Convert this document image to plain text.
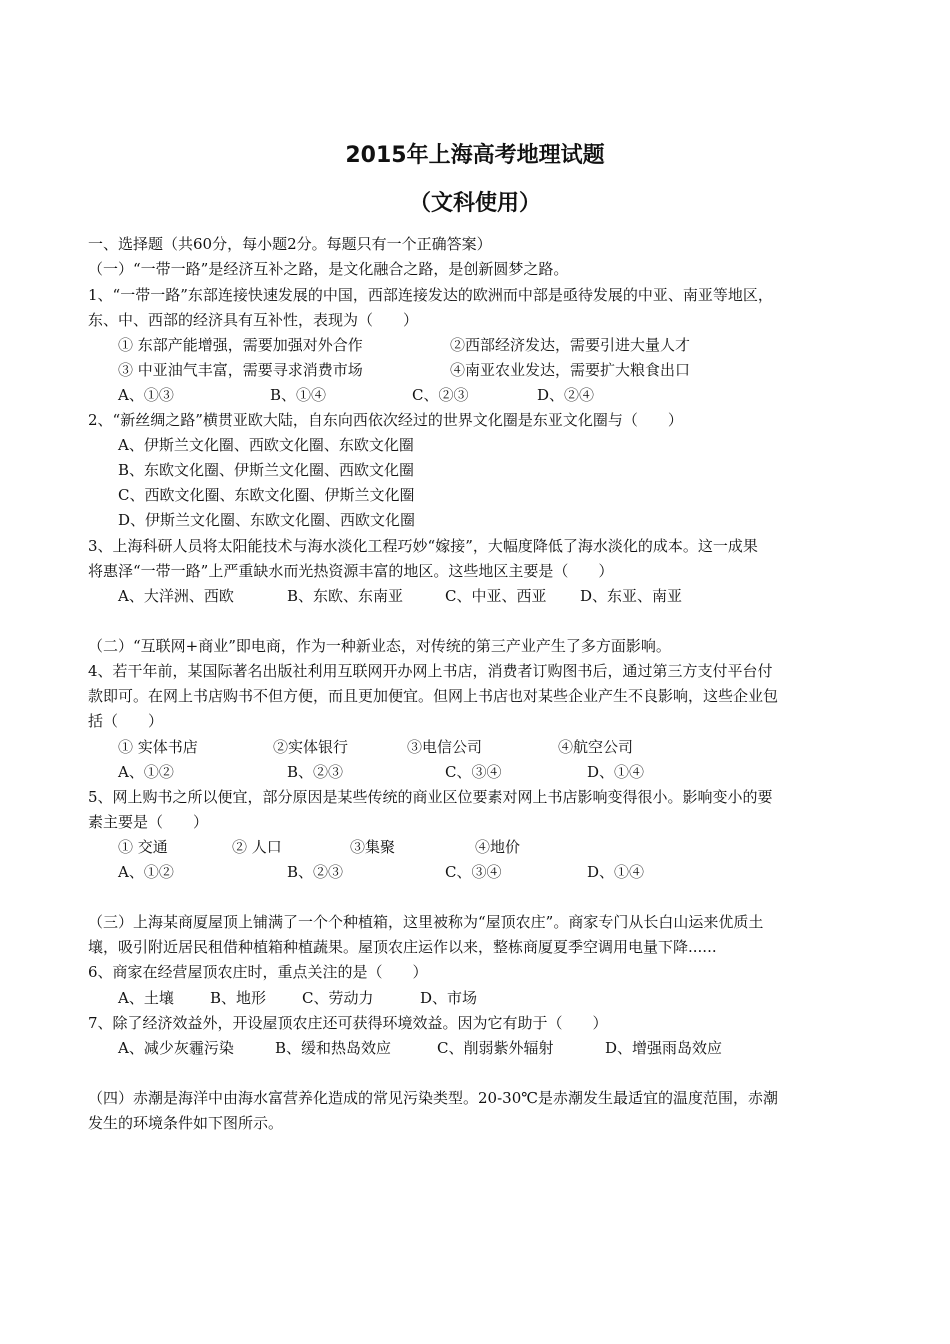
2015年上海高考地理试题
（文科使用）
一、选择题（共60分，每小题2分。每题只有一个正确答案）
（一）“一带一路”是经济互补之路，是文化融合之路，是创新圆梦之路。
1、“一带一路”东部连接快速发展的中国，西部连接发达的欧洲而中部是亟待发展的中亚、南亚等地区，
东、中、西部的经济具有互补性，表现为（　　）
① 东部产能增强，需要加强对外合作	②西部经济发达，需要引进大量人才
③ 中亚油气丰富，需要寻求消费市场	④南亚农业发达，需要扩大粮食出口
A、①③	B、①④	C、②③	D、②④
2、“新丝绸之路”横贯亚欧大陆，自东向西依次经过的世界文化圈是东亚文化圈与（　　）
A、伊斯兰文化圈、西欧文化圈、东欧文化圈
B、东欧文化圈、伊斯兰文化圈、西欧文化圈
C、西欧文化圈、东欧文化圈、伊斯兰文化圈
D、伊斯兰文化圈、东欧文化圈、西欧文化圈
3、上海科研人员将太阳能技术与海水淡化工程巧妙“嫁接”，大幅度降低了海水淡化的成本。这一成果
将惠泽“一带一路”上严重缺水而光热资源丰富的地区。这些地区主要是（　　）
A、大洋洲、西欧	B、东欧、东南亚	C、中亚、西亚 D、东亚、南亚
（二）“互联网+商业”即电商，作为一种新业态，对传统的第三产业产生了多方面影响。
4、若干年前，某国际著名出版社利用互联网开办网上书店，消费者订购图书后，通过第三方支付平台付
款即可。在网上书店购书不但方便，而且更加便宜。但网上书店也对某些企业产生不良影响，这些企业包
括（　　）
① 实体书店	②实体银行	③电信公司	④航空公司
A、①②	B、②③	C、③④	D、①④
5、网上购书之所以便宜，部分原因是某些传统的商业区位要素对网上书店影响变得很小。影响变小的要
素主要是（　　）
① 交通	② 人口	③集聚	④地价
A、①②	B、②③	C、③④	D、①④
（三）上海某商厦屋顶上铺满了一个个种植箱，这里被称为“屋顶农庄”。商家专门从长白山运来优质土
壤，吸引附近居民租借种植箱种植蔬果。屋顶农庄运作以来，整栋商厦夏季空调用电量下降......
6、商家在经营屋顶农庄时，重点关注的是（　　）
A、土壤 B、地形 C、劳动力	D、市场
7、除了经济效益外，开设屋顶农庄还可获得环境效益。因为它有助于（　　）
A、减少灰霾污染	B、缓和热岛效应	C、削弱紫外辐射	D、增强雨岛效应
（四）赤潮是海洋中由海水富营养化造成的常见污染类型。20-30℃是赤潮发生最适宜的温度范围，赤潮
发生的环境条件如下图所示。
